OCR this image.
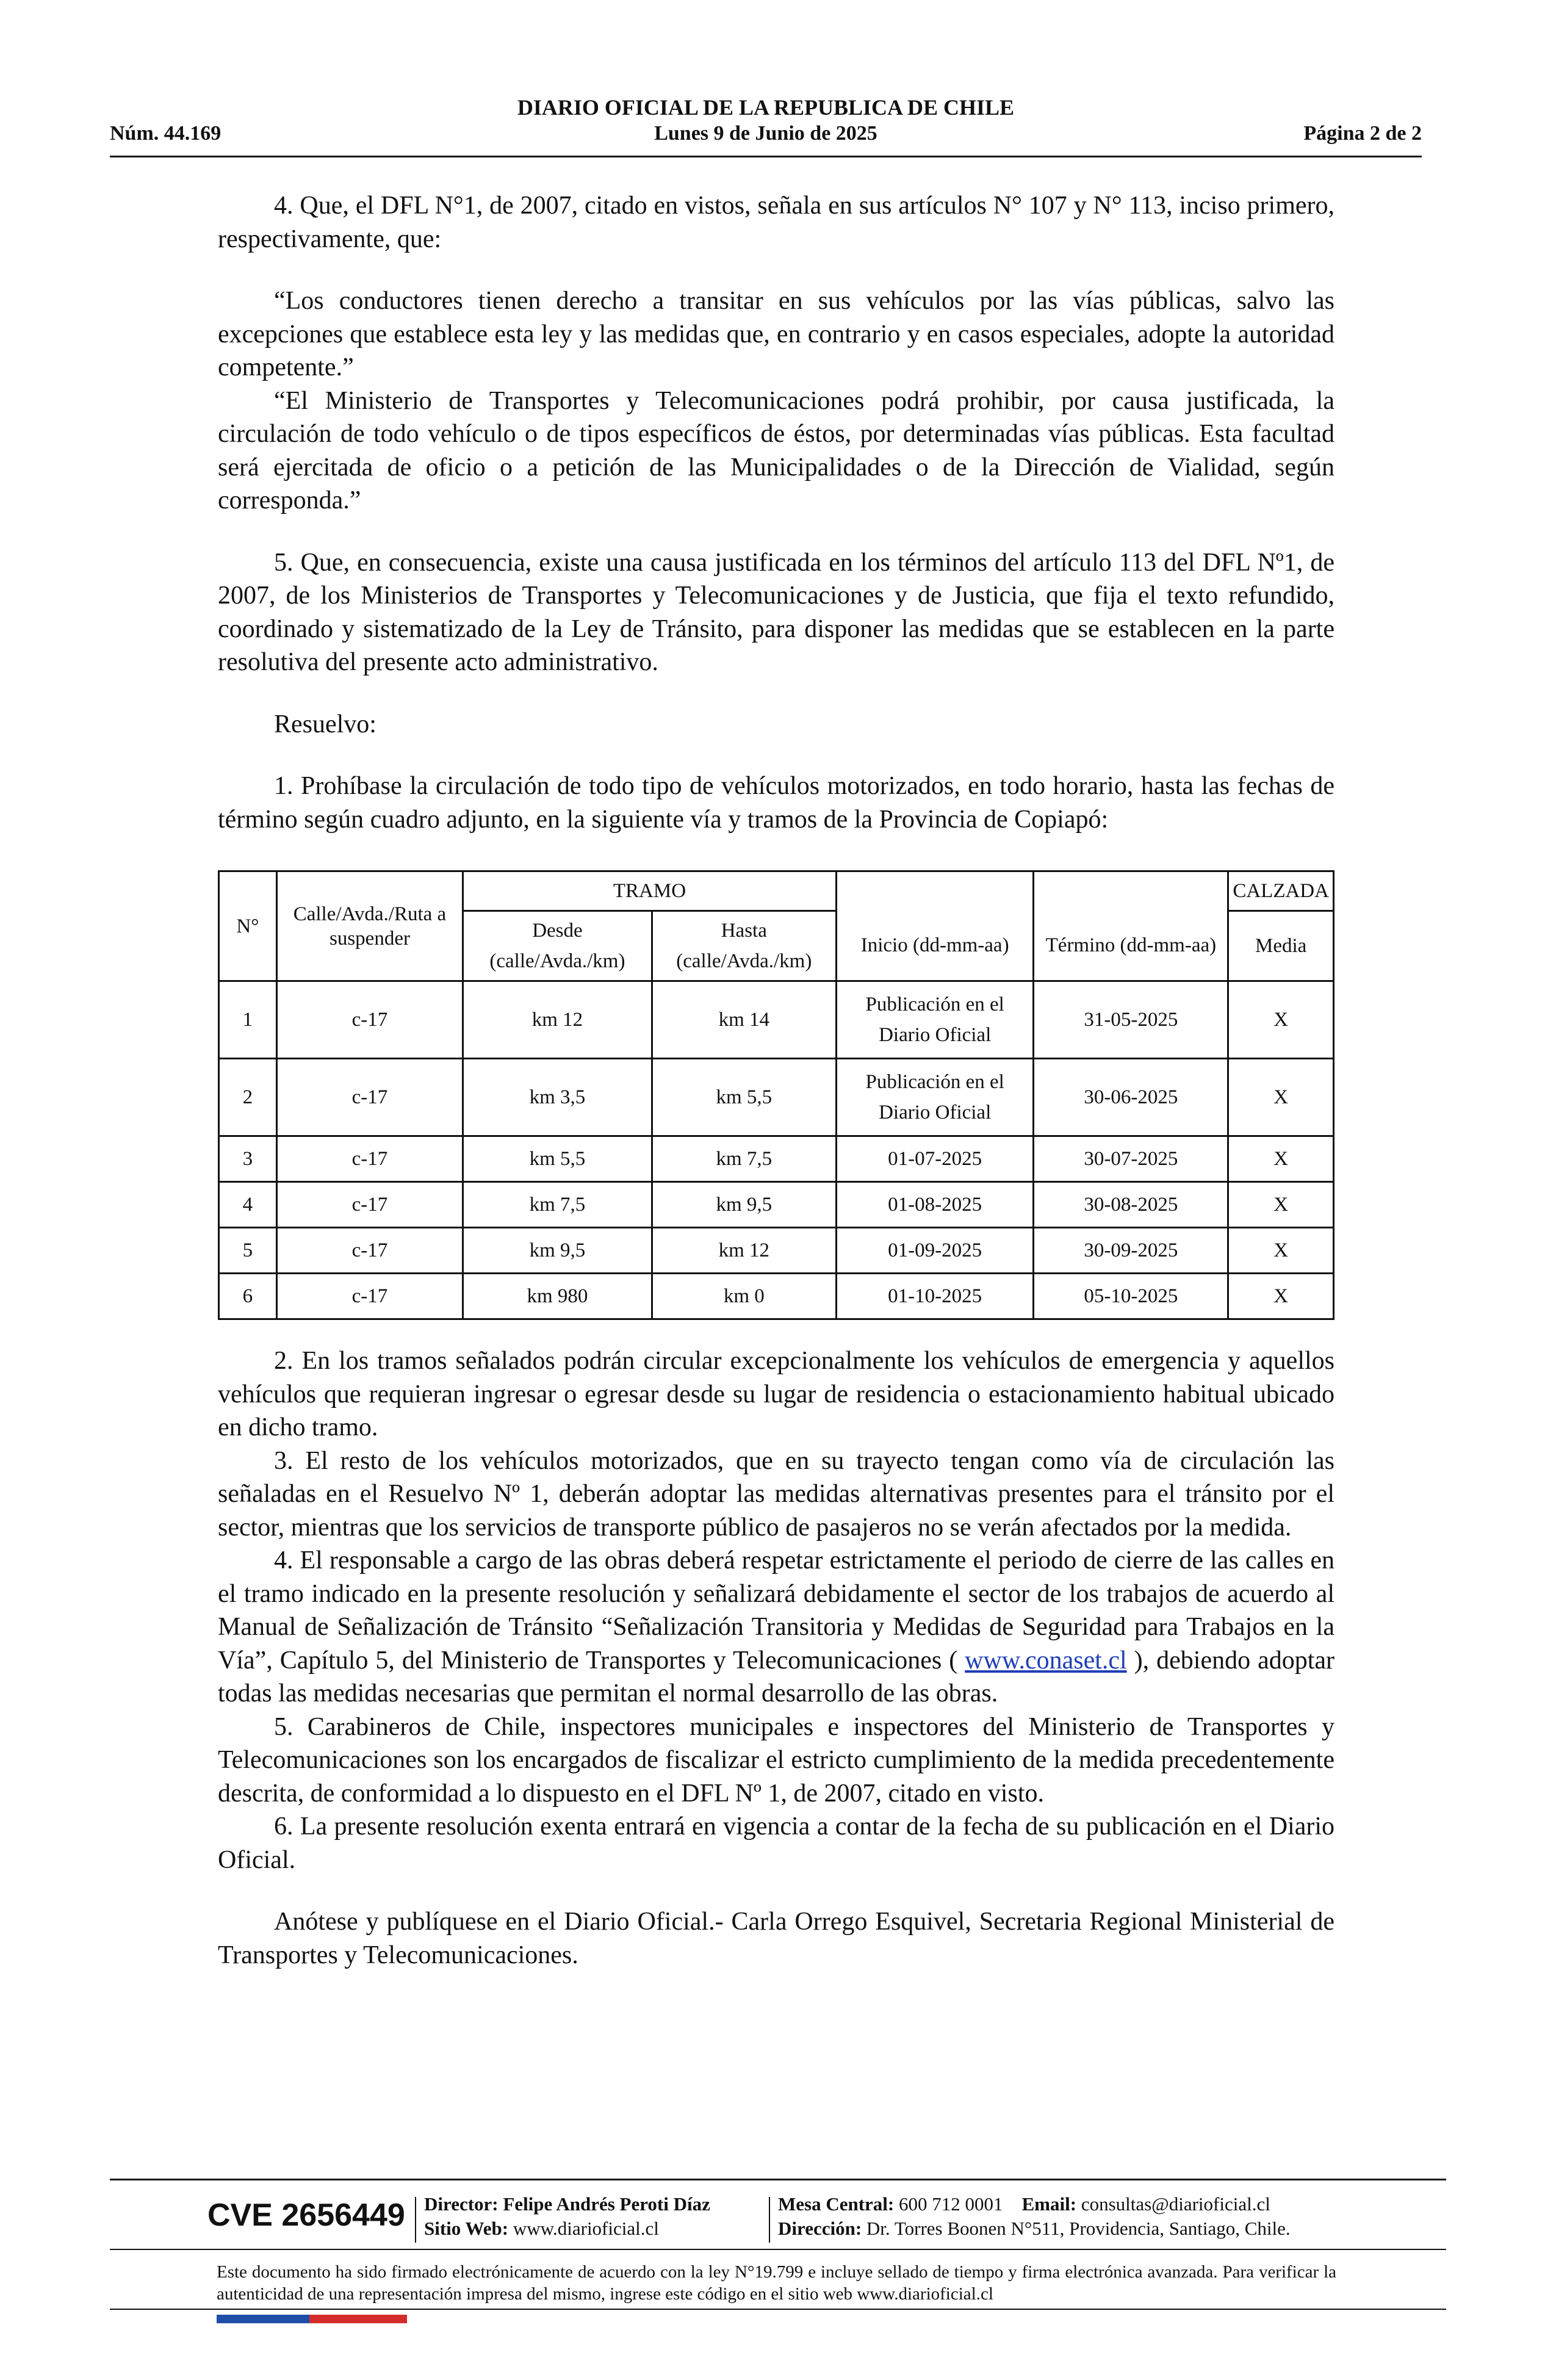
DIARIO OFICIAL DE LA REPUBLICA DE CHILE
Núm. 44.169	Lunes 9 de Junio de 2025	Página 2 de 2

4. Que, el DFL N°1, de 2007, citado en vistos, señala en sus artículos N° 107 y N° 113, inciso primero, respectivamente, que:

“Los conductores tienen derecho a transitar en sus vehículos por las vías públicas, salvo las excepciones que establece esta ley y las medidas que, en contrario y en casos especiales, adopte la autoridad competente.”

“El Ministerio de Transportes y Telecomunicaciones podrá prohibir, por causa justificada, la circulación de todo vehículo o de tipos específicos de éstos, por determinadas vías públicas. Esta facultad será ejercitada de oficio o a petición de las Municipalidades o de la Dirección de Vialidad, según corresponda.”

5. Que, en consecuencia, existe una causa justificada en los términos del artículo 113 del DFL Nº1, de 2007, de los Ministerios de Transportes y Telecomunicaciones y de Justicia, que fija el texto refundido, coordinado y sistematizado de la Ley de Tránsito, para disponer las medidas que se establecen en la parte resolutiva del presente acto administrativo.

Resuelvo:

1. Prohíbase la circulación de todo tipo de vehículos motorizados, en todo horario, hasta las fechas de término según cuadro adjunto, en la siguiente vía y tramos de la Provincia de Copiapó:

N°	Calle/Avda./Ruta a suspender	TRAMO				CALZADA
		Desde (calle/Avda./km)	Hasta (calle/Avda./km)	Inicio (dd-mm-aa)	Término (dd-mm-aa)	Media
1	c-17	km 12	km 14	Publicación en el Diario Oficial	31-05-2025	X
2	c-17	km 3,5	km 5,5	Publicación en el Diario Oficial	30-06-2025	X
3	c-17	km 5,5	km 7,5	01-07-2025	30-07-2025	X
4	c-17	km 7,5	km 9,5	01-08-2025	30-08-2025	X
5	c-17	km 9,5	km 12	01-09-2025	30-09-2025	X
6	c-17	km 980	km 0	01-10-2025	05-10-2025	X

2. En los tramos señalados podrán circular excepcionalmente los vehículos de emergencia y aquellos vehículos que requieran ingresar o egresar desde su lugar de residencia o estacionamiento habitual ubicado en dicho tramo.

3. El resto de los vehículos motorizados, que en su trayecto tengan como vía de circulación las señaladas en el Resuelvo Nº 1, deberán adoptar las medidas alternativas presentes para el tránsito por el sector, mientras que los servicios de transporte público de pasajeros no se verán afectados por la medida.

4. El responsable a cargo de las obras deberá respetar estrictamente el periodo de cierre de las calles en el tramo indicado en la presente resolución y señalizará debidamente el sector de los trabajos de acuerdo al Manual de Señalización de Tránsito “Señalización Transitoria y Medidas de Seguridad para Trabajos en la Vía”, Capítulo 5, del Ministerio de Transportes y Telecomunicaciones ( www.conaset.cl ), debiendo adoptar todas las medidas necesarias que permitan el normal desarrollo de las obras.

5. Carabineros de Chile, inspectores municipales e inspectores del Ministerio de Transportes y Telecomunicaciones son los encargados de fiscalizar el estricto cumplimiento de la medida precedentemente descrita, de conformidad a lo dispuesto en el DFL Nº 1, de 2007, citado en visto.

6. La presente resolución exenta entrará en vigencia a contar de la fecha de su publicación en el Diario Oficial.

Anótese y publíquese en el Diario Oficial.- Carla Orrego Esquivel, Secretaria Regional Ministerial de Transportes y Telecomunicaciones.

CVE 2656449 Director: Felipe Andrés Peroti Díaz
Sitio Web: www.diarioficial.cl
Mesa Central: 600 712 0001 Email: consultas@diarioficial.cl
Dirección: Dr. Torres Boonen N°511, Providencia, Santiago, Chile.
Este documento ha sido firmado electrónicamente de acuerdo con la ley N°19.799 e incluye sellado de tiempo y firma electrónica avanzada. Para verificar la autenticidad de una representación impresa del mismo, ingrese este código en el sitio web www.diarioficial.cl
